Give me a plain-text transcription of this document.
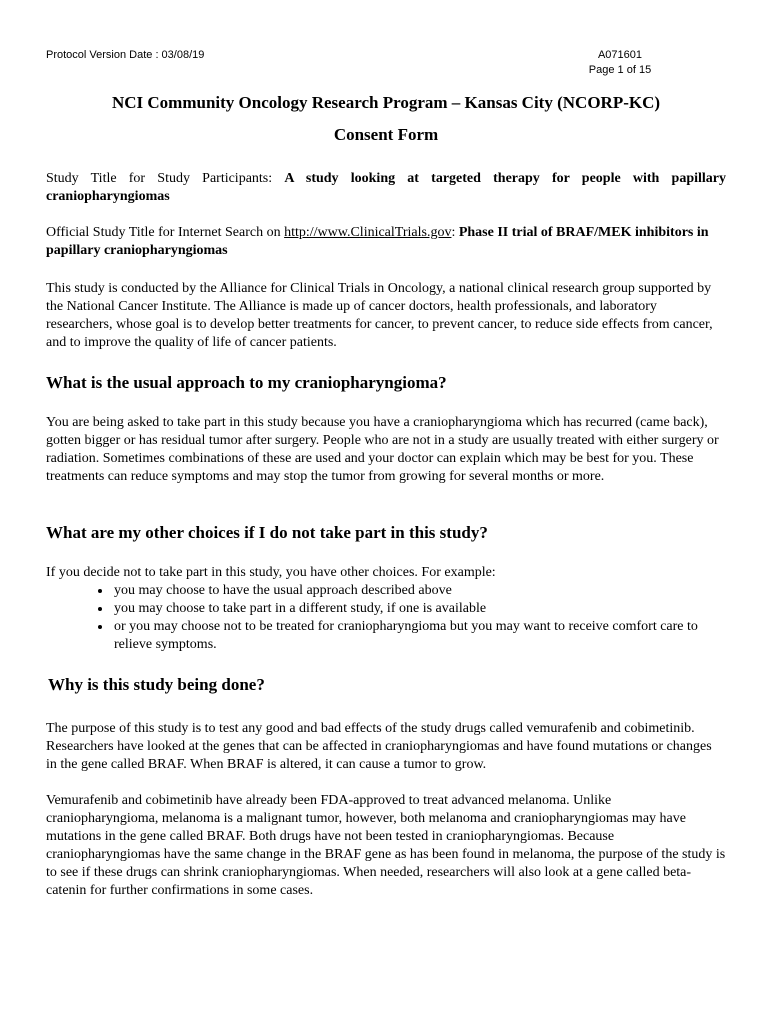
Protocol Version Date : 03/08/19	A071601
Page 1 of 15

NCI Community Oncology Research Program – Kansas City (NCORP-KC)

Consent Form

Study Title for Study Participants: A study looking at targeted therapy for people with papillary craniopharyngiomas

Official Study Title for Internet Search on http://www.ClinicalTrials.gov: Phase II trial of BRAF/MEK inhibitors in papillary craniopharyngiomas

This study is conducted by the Alliance for Clinical Trials in Oncology, a national clinical research group supported by the National Cancer Institute. The Alliance is made up of cancer doctors, health professionals, and laboratory researchers, whose goal is to develop better treatments for cancer, to prevent cancer, to reduce side effects from cancer, and to improve the quality of life of cancer patients.

What is the usual approach to my craniopharyngioma?

You are being asked to take part in this study because you have a craniopharyngioma which has recurred (came back), gotten bigger or has residual tumor after surgery. People who are not in a study are usually treated with either surgery or radiation. Sometimes combinations of these are used and your doctor can explain which may be best for you. These treatments can reduce symptoms and may stop the tumor from growing for several months or more.

What are my other choices if I do not take part in this study?

If you decide not to take part in this study, you have other choices. For example:

• you may choose to have the usual approach described above
• you may choose to take part in a different study, if one is available
• or you may choose not to be treated for craniopharyngioma but you may want to receive comfort care to relieve symptoms.
Why is this study being done?

The purpose of this study is to test any good and bad effects of the study drugs called vemurafenib and cobimetinib. Researchers have looked at the genes that can be affected in craniopharyngiomas and have found mutations or changes in the gene called BRAF. When BRAF is altered, it can cause a tumor to grow.

Vemurafenib and cobimetinib have already been FDA-approved to treat advanced melanoma. Unlike craniopharyngioma, melanoma is a malignant tumor, however, both melanoma and craniopharyngiomas may have mutations in the gene called BRAF. Both drugs have not been tested in craniopharyngiomas. Because craniopharyngiomas have the same change in the BRAF gene as has been found in melanoma, the purpose of the study is to see if these drugs can shrink craniopharyngiomas. When needed, researchers will also look at a gene called beta-catenin for further confirmations in some cases.
